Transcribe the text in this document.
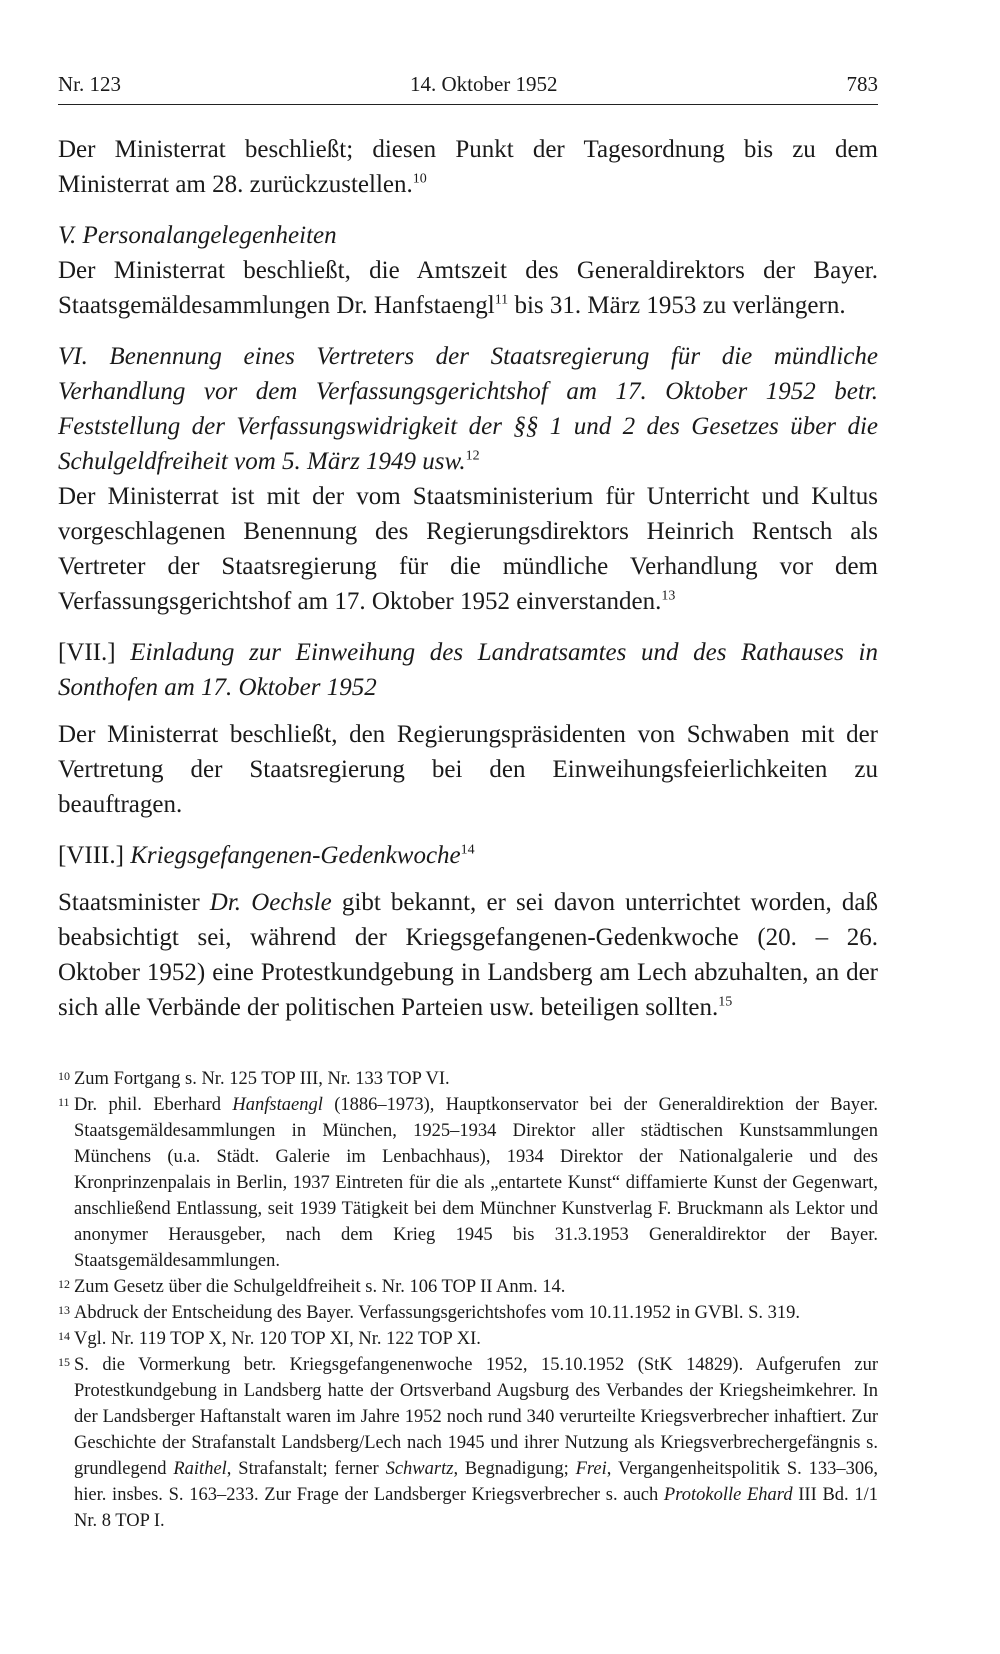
Nr. 123	14. Oktober 1952	783

Der Ministerrat beschließt; diesen Punkt der Tagesordnung bis zu dem Ministerrat am 28. zurückzustellen.$^{10}$

V. Personalangelegenheiten

Der Ministerrat beschließt, die Amtszeit des Generaldirektors der Bayer. Staatsgemäldesammlungen Dr. Hanfstaengl$^{11}$ bis 31. März 1953 zu verlängern.

VI. Benennung eines Vertreters der Staatsregierung für die mündliche Verhandlung vor dem Verfassungsgerichtshof am 17. Oktober 1952 betr. Feststellung der Verfassungswidrigkeit der §§ 1 und 2 des Gesetzes über die Schulgeldfreiheit vom 5. März 1949 usw.$^{12}$

Der Ministerrat ist mit der vom Staatsministerium für Unterricht und Kultus vorgeschlagenen Benennung des Regierungsdirektors Heinrich Rentsch als Vertreter der Staatsregierung für die mündliche Verhandlung vor dem Verfassungsgerichtshof am 17. Oktober 1952 einverstanden.$^{13}$

[VII.] Einladung zur Einweihung des Landratsamtes und des Rathauses in Sonthofen am 17. Oktober 1952

Der Ministerrat beschließt, den Regierungspräsidenten von Schwaben mit der Vertretung der Staatsregierung bei den Einweihungsfeierlichkeiten zu beauftragen.

[VIII.] Kriegsgefangenen-Gedenkwoche$^{14}$

Staatsminister Dr. Oechsle gibt bekannt, er sei davon unterrichtet worden, daß beabsichtigt sei, während der Kriegsgefangenen-Gedenkwoche (20. – 26. Oktober 1952) eine Protestkundgebung in Landsberg am Lech abzuhalten, an der sich alle Verbände der politischen Parteien usw. beteiligen sollten.$^{15}$

10 Zum Fortgang s. Nr. 125 TOP III, Nr. 133 TOP VI.
11 Dr. phil. Eberhard Hanfstaengl (1886–1973), Hauptkonservator bei der Generaldirektion der Bayer. Staatsgemäldesammlungen in München, 1925–1934 Direktor aller städtischen Kunstsammlungen Münchens (u.a. Städt. Galerie im Lenbachhaus), 1934 Direktor der Nationalgalerie und des Kronprinzenpalais in Berlin, 1937 Eintreten für die als „entartete Kunst“ diffamierte Kunst der Gegenwart, anschließend Entlassung, seit 1939 Tätigkeit bei dem Münchner Kunstverlag F. Bruckmann als Lektor und anonymer Herausgeber, nach dem Krieg 1945 bis 31.3.1953 Generaldirektor der Bayer. Staatsgemäldesammlungen.
12 Zum Gesetz über die Schulgeldfreiheit s. Nr. 106 TOP II Anm. 14.
13 Abdruck der Entscheidung des Bayer. Verfassungsgerichtshofes vom 10.11.1952 in GVBl. S. 319.
14 Vgl. Nr. 119 TOP X, Nr. 120 TOP XI, Nr. 122 TOP XI.
15 S. die Vormerkung betr. Kriegsgefangenenwoche 1952, 15.10.1952 (StK 14829). Aufgerufen zur Protestkundgebung in Landsberg hatte der Ortsverband Augsburg des Verbandes der Kriegsheimkehrer. In der Landsberger Haftanstalt waren im Jahre 1952 noch rund 340 verurteilte Kriegsverbrecher inhaftiert. Zur Geschichte der Strafanstalt Landsberg/Lech nach 1945 und ihrer Nutzung als Kriegsverbrechergefängnis s. grundlegend Raithel, Strafanstalt; ferner Schwartz, Begnadigung; Frei, Vergangenheitspolitik S. 133–306, hier. insbes. S. 163–233. Zur Frage der Landsberger Kriegsverbrecher s. auch Protokolle Ehard III Bd. 1/1 Nr. 8 TOP I.
